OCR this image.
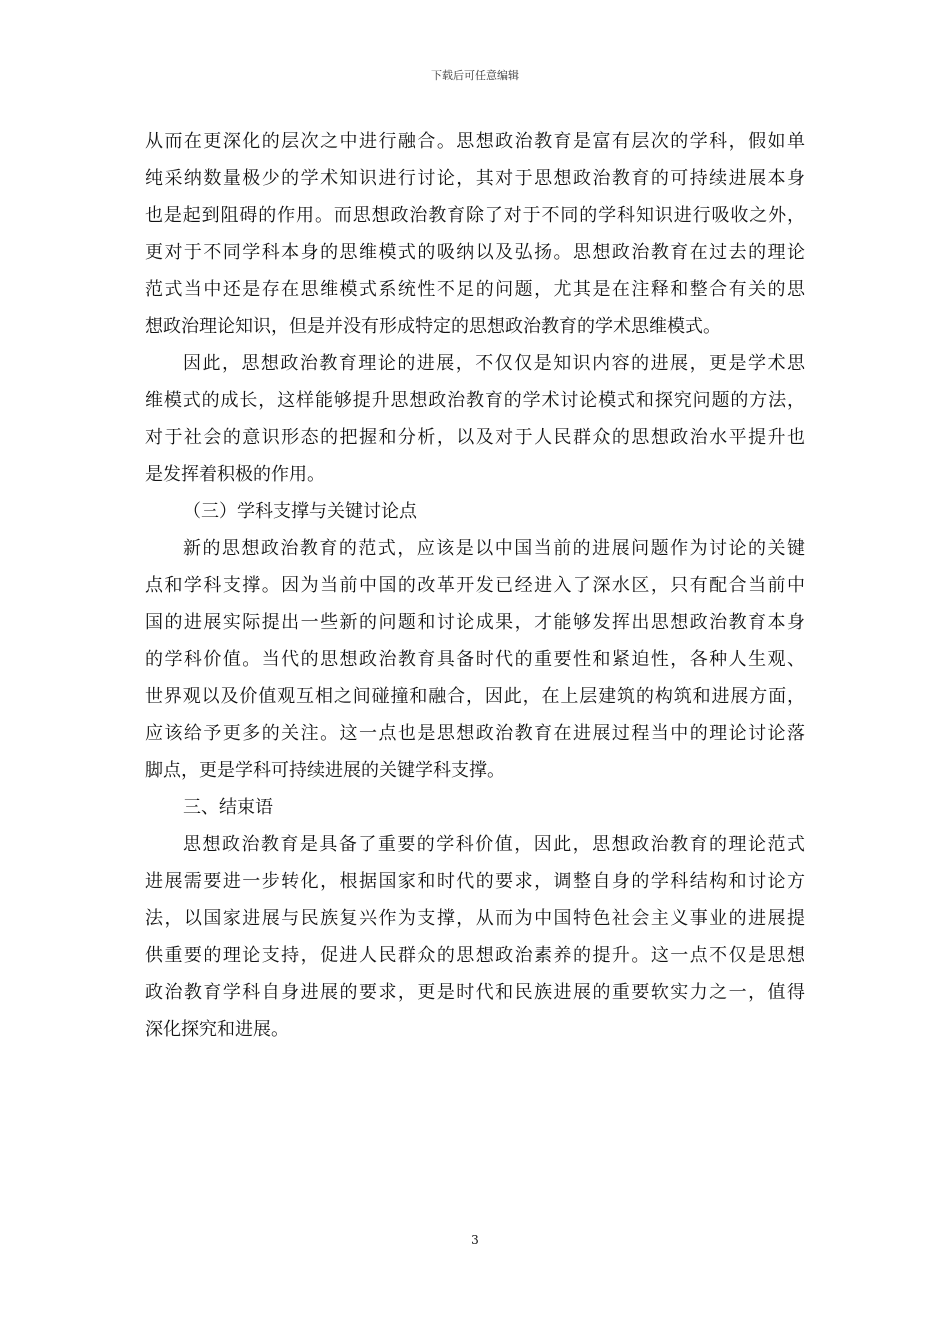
下载后可任意编辑
从而在更深化的层次之中进行融合。思想政治教育是富有层次的学科，假如单
纯采纳数量极少的学术知识进行讨论，其对于思想政治教育的可持续进展本身
也是起到阻碍的作用。而思想政治教育除了对于不同的学科知识进行吸收之外，
更对于不同学科本身的思维模式的吸纳以及弘扬。思想政治教育在过去的理论
范式当中还是存在思维模式系统性不足的问题，尤其是在注释和整合有关的思
想政治理论知识，但是并没有形成特定的思想政治教育的学术思维模式。
因此，思想政治教育理论的进展，不仅仅是知识内容的进展，更是学术思
维模式的成长，这样能够提升思想政治教育的学术讨论模式和探究问题的方法，
对于社会的意识形态的把握和分析，以及对于人民群众的思想政治水平提升也
是发挥着积极的作用。
（三）学科支撑与关键讨论点
新的思想政治教育的范式，应该是以中国当前的进展问题作为讨论的关键
点和学科支撑。因为当前中国的改革开发已经进入了深水区，只有配合当前中
国的进展实际提出一些新的问题和讨论成果，才能够发挥出思想政治教育本身
的学科价值。当代的思想政治教育具备时代的重要性和紧迫性，各种人生观、
世界观以及价值观互相之间碰撞和融合，因此，在上层建筑的构筑和进展方面，
应该给予更多的关注。这一点也是思想政治教育在进展过程当中的理论讨论落
脚点，更是学科可持续进展的关键学科支撑。
三、结束语
思想政治教育是具备了重要的学科价值，因此，思想政治教育的理论范式
进展需要进一步转化，根据国家和时代的要求，调整自身的学科结构和讨论方
法，以国家进展与民族复兴作为支撑，从而为中国特色社会主义事业的进展提
供重要的理论支持，促进人民群众的思想政治素养的提升。这一点不仅是思想
政治教育学科自身进展的要求，更是时代和民族进展的重要软实力之一，值得
深化探究和进展。
3
